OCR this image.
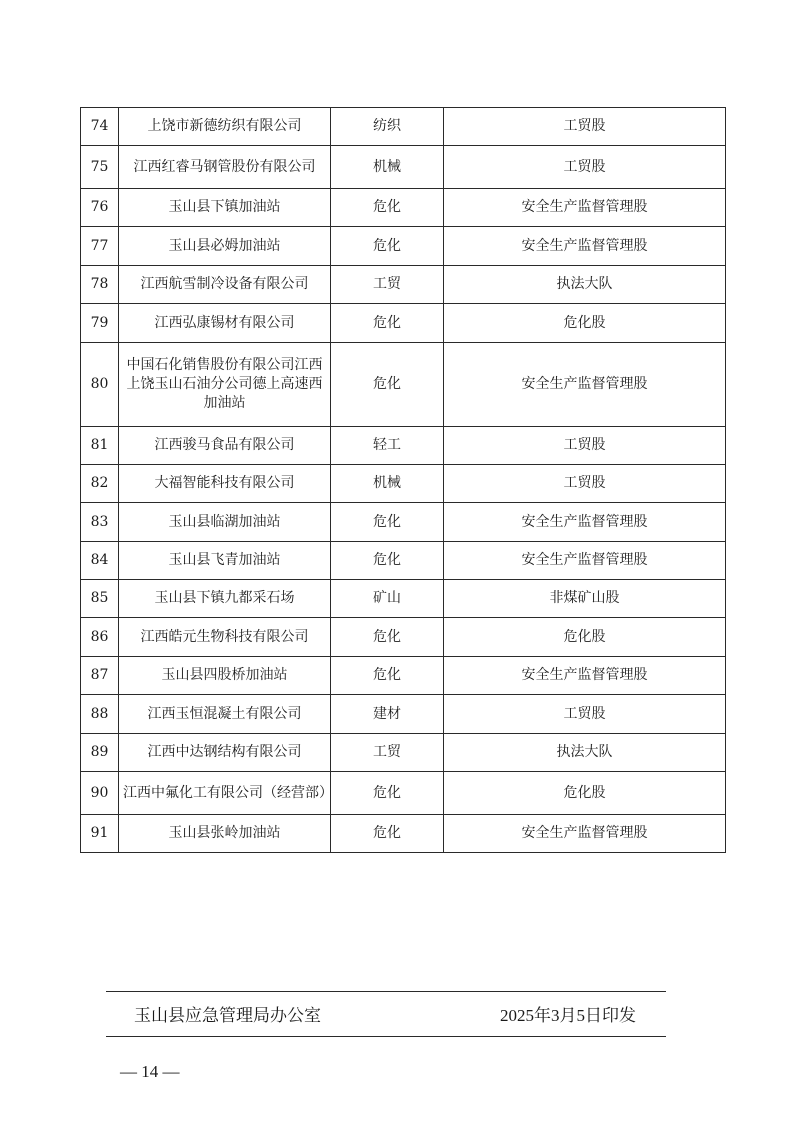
74	上饶市新德纺织有限公司	纺织	工贸股
75	江西红睿马钢管股份有限公司	机械	工贸股
76	玉山县下镇加油站	危化	安全生产监督管理股
77	玉山县必姆加油站	危化	安全生产监督管理股
78	江西航雪制冷设备有限公司	工贸	执法大队
79	江西弘康锡材有限公司	危化	危化股
80	中国石化销售股份有限公司江西上饶玉山石油分公司德上高速西加油站	危化	安全生产监督管理股
81	江西骏马食品有限公司	轻工	工贸股
82	大福智能科技有限公司	机械	工贸股
83	玉山县临湖加油站	危化	安全生产监督管理股
84	玉山县飞青加油站	危化	安全生产监督管理股
85	玉山县下镇九都采石场	矿山	非煤矿山股
86	江西皓元生物科技有限公司	危化	危化股
87	玉山县四股桥加油站	危化	安全生产监督管理股
88	江西玉恒混凝土有限公司	建材	工贸股
89	江西中达钢结构有限公司	工贸	执法大队
90	江西中氟化工有限公司（经营部）	危化	危化股
91	玉山县张岭加油站	危化	安全生产监督管理股
玉山县应急管理局办公室	2025年3月5日印发
— 14 —
